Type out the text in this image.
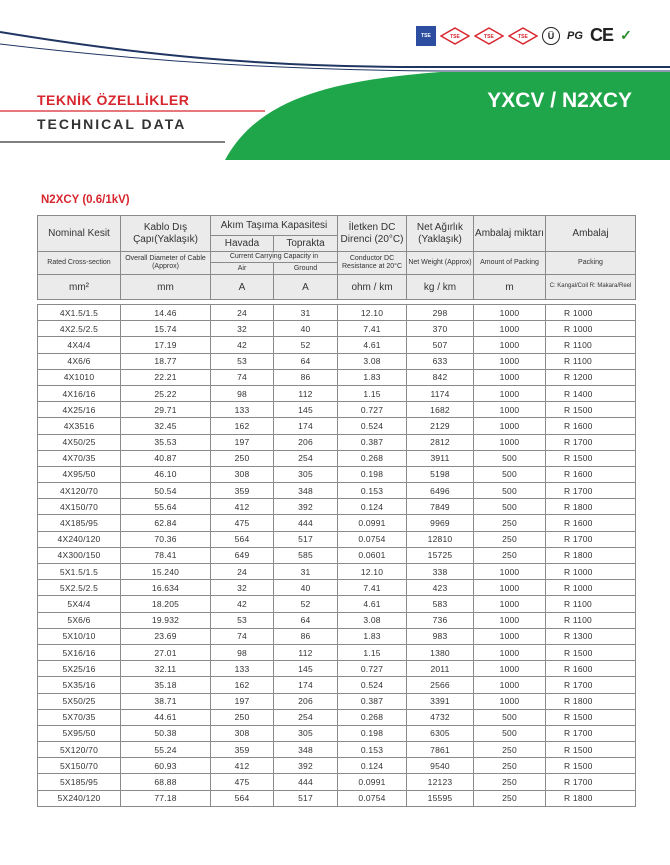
TSE	TSE	TSE	TSE Ü PG CE ✓
TEKNİK ÖZELLİKLER
TECHNICAL DATA
YXCV / N2XCY
N2XCY (0.6/1kV)
Nominal Kesit	Kablo Dış Çapı(Yaklaşık)	Akım Taşıma Kapasitesi		İletken DC Direnci (20°C)	Net Ağırlık (Yaklaşık)	Ambalaj miktarı	Ambalaj
		Havada	Toprakta				
Rated Cross-section	Overall Diameter of Cable (Approx)	Current Carrying Capacity in		Conductor DC Resistance at 20°C	Net Weight (Approx)	Amount of Packing	Packing
		Air	Ground				
mm²	mm	A	A	ohm / km	kg / km	m	C: Kangal/Coil R: Makara/Reel

4X1.5/1.5	14.46	24	31	12.10	298	1000	R 1000
4X2.5/2.5	15.74	32	40	7.41	370	1000	R 1000
4X4/4	17.19	42	52	4.61	507	1000	R 1100
4X6/6	18.77	53	64	3.08	633	1000	R 1100
4X1010	22.21	74	86	1.83	842	1000	R 1200
4X16/16	25.22	98	112	1.15	1174	1000	R 1400
4X25/16	29.71	133	145	0.727	1682	1000	R 1500
4X3516	32.45	162	174	0.524	2129	1000	R 1600
4X50/25	35.53	197	206	0.387	2812	1000	R 1700
4X70/35	40.87	250	254	0.268	3911	500	R 1500
4X95/50	46.10	308	305	0.198	5198	500	R 1600
4X120/70	50.54	359	348	0.153	6496	500	R 1700
4X150/70	55.64	412	392	0.124	7849	500	R 1800
4X185/95	62.84	475	444	0.0991	9969	250	R 1600
4X240/120	70.36	564	517	0.0754	12810	250	R 1700
4X300/150	78.41	649	585	0.0601	15725	250	R 1800
5X1.5/1.5	15.240	24	31	12.10	338	1000	R 1000
5X2.5/2.5	16.634	32	40	7.41	423	1000	R 1000
5X4/4	18.205	42	52	4.61	583	1000	R 1100
5X6/6	19.932	53	64	3.08	736	1000	R 1100
5X10/10	23.69	74	86	1.83	983	1000	R 1300
5X16/16	27.01	98	112	1.15	1380	1000	R 1500
5X25/16	32.11	133	145	0.727	2011	1000	R 1600
5X35/16	35.18	162	174	0.524	2566	1000	R 1700
5X50/25	38.71	197	206	0.387	3391	1000	R 1800
5X70/35	44.61	250	254	0.268	4732	500	R 1500
5X95/50	50.38	308	305	0.198	6305	500	R 1700
5X120/70	55.24	359	348	0.153	7861	250	R 1500
5X150/70	60.93	412	392	0.124	9540	250	R 1500
5X185/95	68.88	475	444	0.0991	12123	250	R 1700
5X240/120	77.18	564	517	0.0754	15595	250	R 1800
